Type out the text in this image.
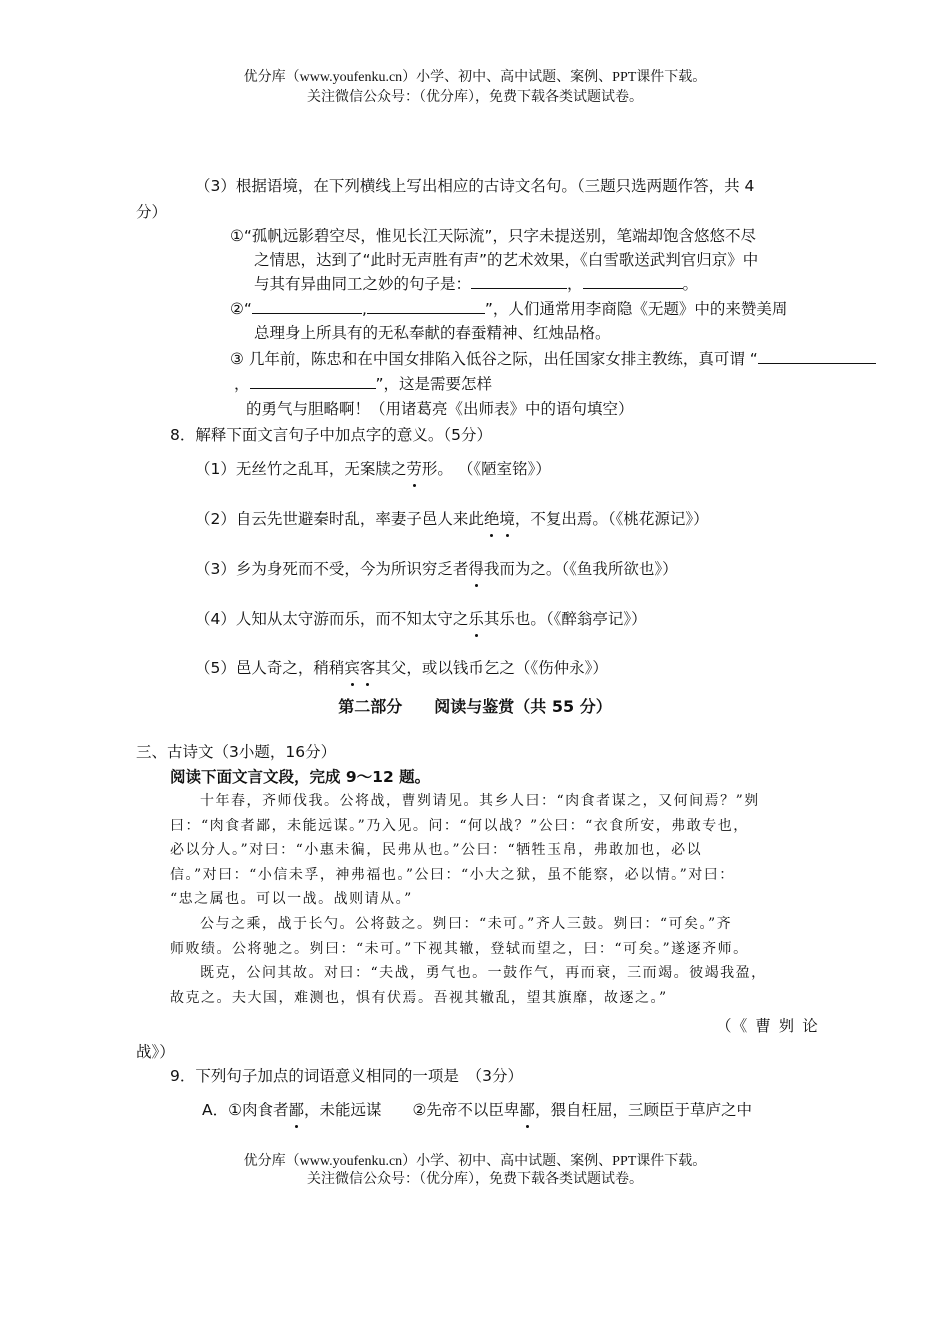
优分库（www.youfenku.cn）小学、初中、高中试题、案例、PPT课件下载。
关注微信公众号：（优分库），免费下载各类试题试卷。
（3）根据语境，在下列横线上写出相应的古诗文名句。（三题只选两题作答，共 4
分）
①“孤帆远影碧空尽，惟见长江天际流”，只字未提送别，笔端却饱含悠悠不尽
之情思，达到了“此时无声胜有声”的艺术效果，《白雪歌送武判官归京》中
与其有异曲同工之妙的句子是：	，	。
②“	,	”，人们通常用李商隐《无题》中的来赞美周
总理身上所具有的无私奉献的春蚕精神、红烛品格。
③ 几年前，陈忠和在中国女排陷入低谷之际，出任国家女排主教练，真可谓 “
，	”，这是需要怎样
的勇气与胆略啊！（用诸葛亮《出师表》中的语句填空）
8．解释下面文言句子中加点字的意义。（5分）
（1）无丝竹之乱耳，无案牍之劳形。 （《陋室铭》）
（2）自云先世避秦时乱，率妻子邑人来此绝境，不复出焉。（《桃花源记》）
（3）乡为身死而不受，今为所识穷乏者得我而为之。（《鱼我所欲也》）
（4）人知从太守游而乐，而不知太守之乐其乐也。（《醉翁亭记》）
（5）邑人奇之，稍稍宾客其父，或以钱币乞之（《伤仲永》）
第二部分　　阅读与鉴赏（共 55 分）
三、古诗文（3小题，16分）
阅读下面文言文段，完成 9～12 题。
十年春，齐师伐我。公将战，曹刿请见。其乡人曰：“肉食者谋之，又何间焉？”刿
曰：“肉食者鄙，未能远谋。”乃入见。问：“何以战？”公曰：“衣食所安，弗敢专也，
必以分人。”对曰：“小惠未徧，民弗从也。”公曰：“牺牲玉帛，弗敢加也，必以
信。”对曰：“小信未孚，神弗福也。”公曰：“小大之狱，虽不能察，必以情。”对曰：
“忠之属也。可以一战。战则请从。”
公与之乘，战于长勺。公将鼓之。刿曰：“未可。”齐人三鼓。刿曰：“可矣。”齐
师败绩。公将驰之。刿曰：“未可。”下视其辙，登轼而望之，曰：“可矣。”遂逐齐师。
既克，公问其故。对曰：“夫战，勇气也。一鼓作气，再而衰，三而竭。彼竭我盈，
故克之。夫大国，难测也，惧有伏焉。吾视其辙乱，望其旗靡，故逐之。”
（《曹刿论
战》）
9．下列句子加点的词语意义相同的一项是　（3分）
A．①肉食者鄙，未能远谋　　②先帝不以臣卑鄙，猥自枉屈，三顾臣于草庐之中
优分库（www.youfenku.cn）小学、初中、高中试题、案例、PPT课件下载。
关注微信公众号：（优分库），免费下载各类试题试卷。
